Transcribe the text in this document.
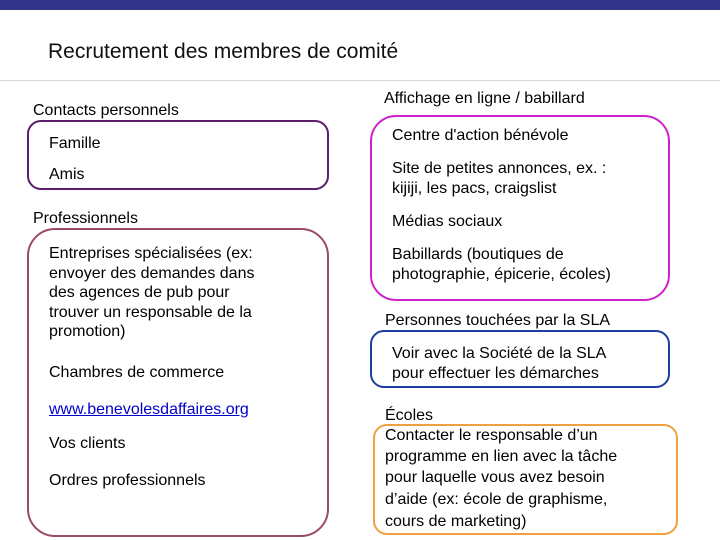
Recrutement des membres de comité
Contacts personnels
Famille
Amis
Professionnels
Entreprises spécialisées (ex:
envoyer des demandes dans
des agences de pub pour
trouver un responsable de la
promotion)
Chambres de commerce
www.benevolesdaffaires.org
Vos clients
Ordres professionnels
Affichage en ligne / babillard
Centre d'action bénévole
Site de petites annonces, ex. :
kijiji, les pacs, craigslist
Médias sociaux
Babillards (boutiques de
photographie, épicerie, écoles)
Personnes touchées par la SLA
Voir avec la Société de la SLA
pour effectuer les démarches
Écoles
Contacter le responsable d’un
programme en lien avec la tâche
pour laquelle vous avez besoin
d’aide (ex: école de graphisme,
cours de marketing)
